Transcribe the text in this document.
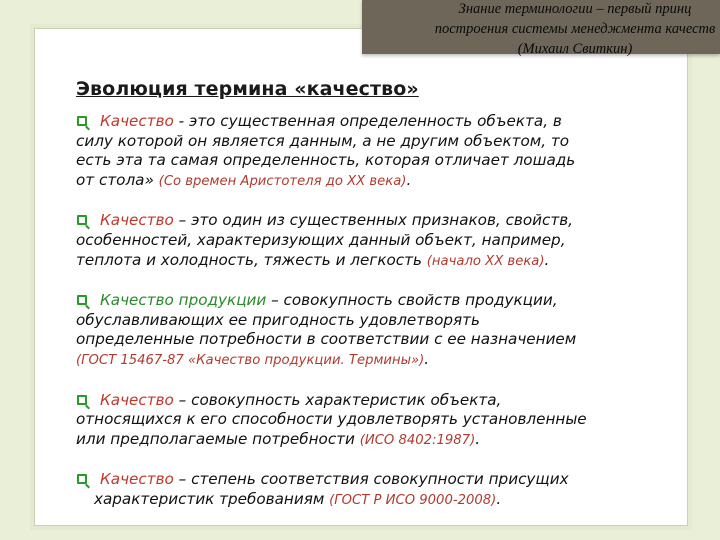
Знание терминологии – первый принц
построения системы менеджмента качеств
(Михаил Свиткин)
Эволюция термина «качество»
Качество - это существенная определенность объекта, в
силу которой он является данным, а не другим объектом, то
есть эта та самая определенность, которая отличает лошадь
от стола» (Со времен Аристотеля до XX века).
Качество – это один из существенных признаков, свойств,
особенностей, характеризующих данный объект, например,
теплота и холодность, тяжесть и легкость (начало XX века).
Качество продукции – совокупность свойств продукции,
обуславливающих ее пригодность удовлетворять
определенные потребности в соответствии с ее назначением
(ГОСТ 15467-87 «Качество продукции. Термины»).
Качество – совокупность характеристик объекта,
относящихся к его способности удовлетворять установленные
или предполагаемые потребности (ИСО 8402:1987).
Качество – степень соответствия совокупности присущих
характеристик требованиям (ГОСТ Р ИСО 9000-2008).
